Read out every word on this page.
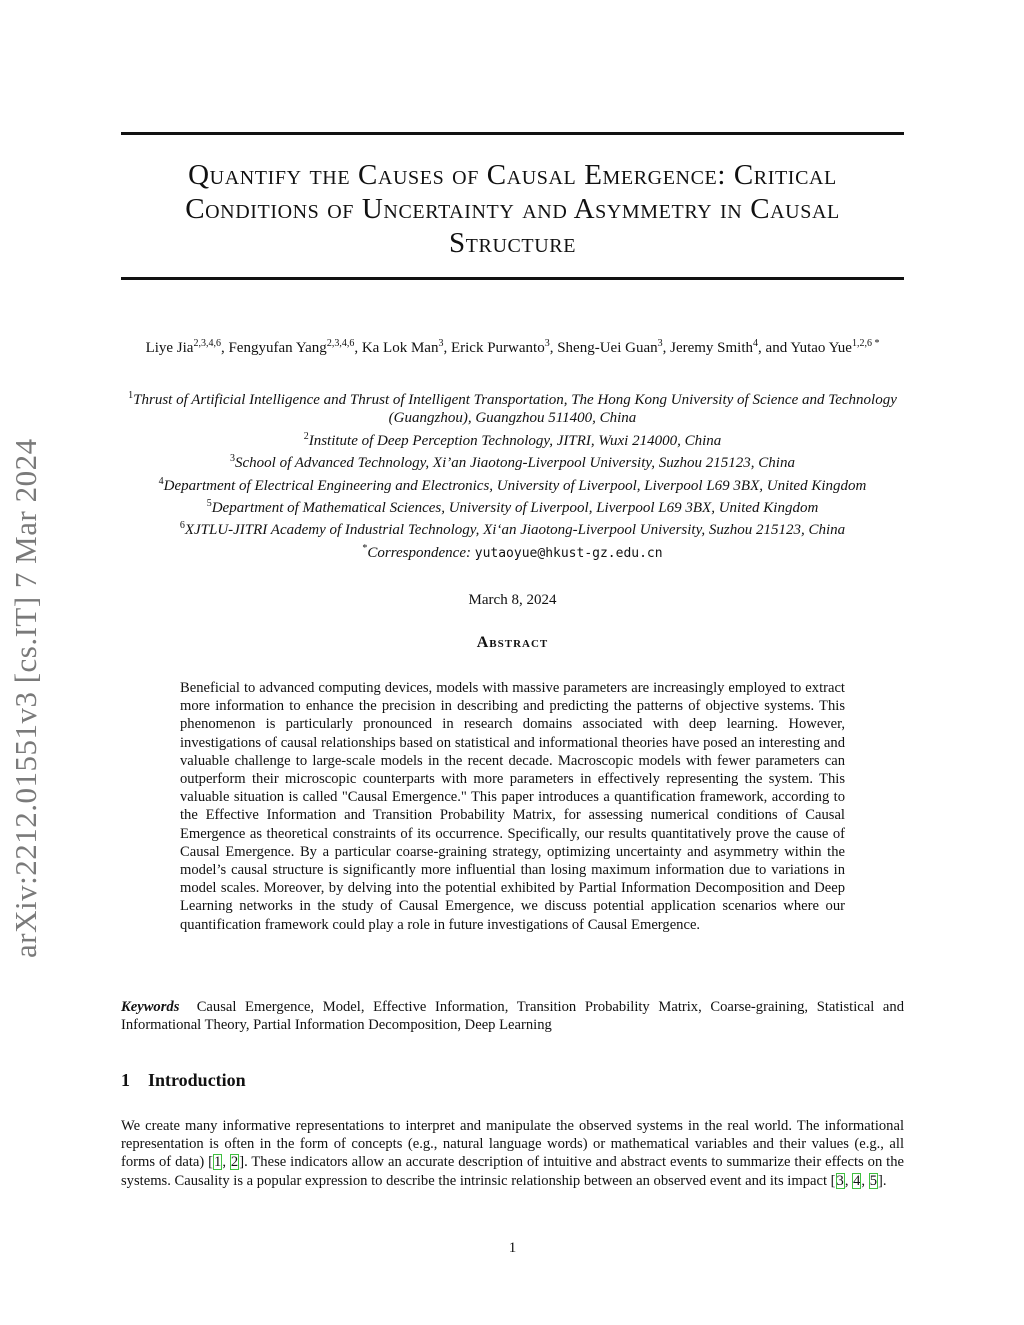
arXiv:2212.01551v3 [cs.IT] 7 Mar 2024
Quantify the Causes of Causal Emergence: Critical
Conditions of Uncertainty and Asymmetry in Causal
Structure
Liye Jia$^{2,3,4,6}$, Fengyufan Yang$^{2,3,4,6}$, Ka Lok Man$^3$, Erick Purwanto$^3$, Sheng-Uei Guan$^3$, Jeremy Smith$^4$, and Yutao Yue$^{1,2,6 *}$
$^1$Thrust of Artificial Intelligence and Thrust of Intelligent Transportation, The Hong Kong University of Science and Technology (Guangzhou), Guangzhou 511400, China
$^2$Institute of Deep Perception Technology, JITRI, Wuxi 214000, China
$^3$School of Advanced Technology, Xi’an Jiaotong-Liverpool University, Suzhou 215123, China
$^4$Department of Electrical Engineering and Electronics, University of Liverpool, Liverpool L69 3BX, United Kingdom
$^5$Department of Mathematical Sciences, University of Liverpool, Liverpool L69 3BX, United Kingdom
$^6$XJTLU-JITRI Academy of Industrial Technology, Xi‘an Jiaotong-Liverpool University, Suzhou 215123, China
*Correspondence: yutaoyue@hkust-gz.edu.cn
March 8, 2024
Abstract

Beneficial to advanced computing devices, models with massive parameters are increasingly employed to extract more information to enhance the precision in describing and predicting the patterns of objective systems. This phenomenon is particularly pronounced in research domains associated with deep learning. However, investigations of causal relationships based on statistical and informational theories have posed an interesting and valuable challenge to large-scale models in the recent decade. Macroscopic models with fewer parameters can outperform their microscopic counterparts with more parameters in effectively representing the system. This valuable situation is called "Causal Emergence." This paper introduces a quantification framework, according to the Effective Information and Transition Probability Matrix, for assessing numerical conditions of Causal Emergence as theoretical constraints of its occurrence. Specifically, our results quantitatively prove the cause of Causal Emergence. By a particular coarse-graining strategy, optimizing uncertainty and asymmetry within the model’s causal structure is significantly more influential than losing maximum information due to variations in model scales. Moreover, by delving into the potential exhibited by Partial Information Decomposition and Deep Learning networks in the study of Causal Emergence, we discuss potential application scenarios where our quantification framework could play a role in future investigations of Causal Emergence.

Keywords Causal Emergence, Model, Effective Information, Transition Probability Matrix, Coarse-graining, Statistical and Informational Theory, Partial Information Decomposition, Deep Learning

1 Introduction

We create many informative representations to interpret and manipulate the observed systems in the real world. The informational representation is often in the form of concepts (e.g., natural language words) or mathematical variables and their values (e.g., all forms of data) [1, 2]. These indicators allow an accurate description of intuitive and abstract events to summarize their effects on the systems. Causality is a popular expression to describe the intrinsic relationship between an observed event and its impact [3, 4, 5].

1
